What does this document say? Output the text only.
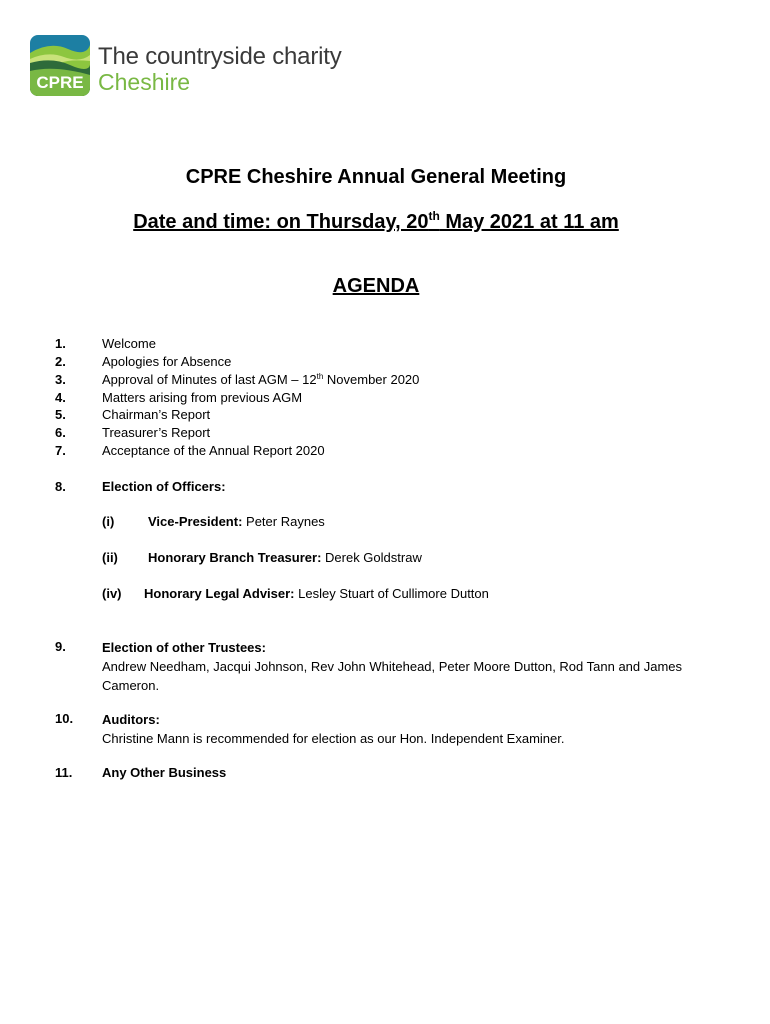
CPRE
The countryside charity
Cheshire
CPRE Cheshire Annual General Meeting
Date and time: on Thursday, 20th May 2021 at 11 am
AGENDA
1.	Welcome
2.	Apologies for Absence
3.	Approval of Minutes of last AGM – 12th November 2020
4.	Matters arising from previous AGM
5.	Chairman’s Report
6.	Treasurer’s Report
7.	Acceptance of the Annual Report 2020
8.	Election of Officers:
(i)	Vice-President: Peter Raynes
(ii) Honorary Branch Treasurer: Derek Goldstraw
(iv) Honorary Legal Adviser: Lesley Stuart of Cullimore Dutton
9.	Election of other Trustees:
Andrew Needham, Jacqui Johnson, Rev John Whitehead, Peter Moore Dutton, Rod Tann and James Cameron.
10. Auditors:
Christine Mann is recommended for election as our Hon. Independent Examiner.
11. Any Other Business
